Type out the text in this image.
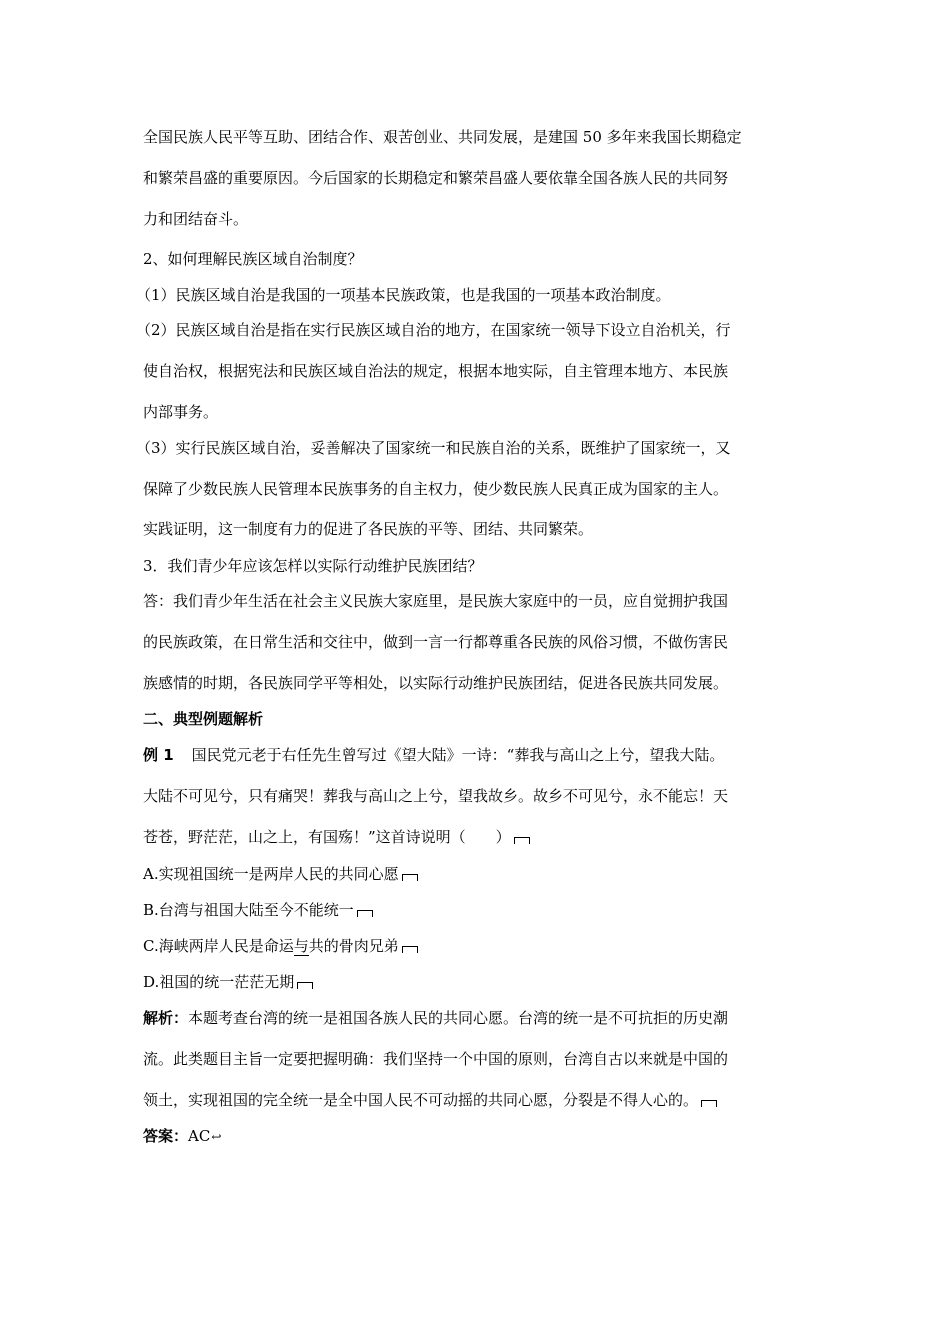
全国民族人民平等互助、团结合作、艰苦创业、共同发展，是建国 50 多年来我国长期稳定
和繁荣昌盛的重要原因。今后国家的长期稳定和繁荣昌盛人要依靠全国各族人民的共同努
力和团结奋斗。
2、如何理解民族区域自治制度？
（1）民族区域自治是我国的一项基本民族政策，也是我国的一项基本政治制度。
（2）民族区域自治是指在实行民族区域自治的地方，在国家统一领导下设立自治机关，行
使自治权，根据宪法和民族区域自治法的规定，根据本地实际，自主管理本地方、本民族
内部事务。
（3）实行民族区域自治，妥善解决了国家统一和民族自治的关系，既维护了国家统一，又
保障了少数民族人民管理本民族事务的自主权力，使少数民族人民真正成为国家的主人。
实践证明，这一制度有力的促进了各民族的平等、团结、共同繁荣。
3．我们青少年应该怎样以实际行动维护民族团结？
答：我们青少年生活在社会主义民族大家庭里，是民族大家庭中的一员，应自觉拥护我国
的民族政策，在日常生活和交往中，做到一言一行都尊重各民族的风俗习惯，不做伤害民
族感情的时期，各民族同学平等相处，以实际行动维护民族团结，促进各民族共同发展。
二、典型例题解析
例 1 国民党元老于右任先生曾写过《望大陆》一诗：“葬我与高山之上兮，望我大陆。
大陆不可见兮，只有痛哭！葬我与高山之上兮，望我故乡。故乡不可见兮，永不能忘！天
苍苍，野茫茫，山之上，有国殇！”这首诗说明（　　）
A.实现祖国统一是两岸人民的共同心愿
B.台湾与祖国大陆至今不能统一
C.海峡两岸人民是命运与共的骨肉兄弟
D.祖国的统一茫茫无期
解析：本题考查台湾的统一是祖国各族人民的共同心愿。台湾的统一是不可抗拒的历史潮
流。此类题目主旨一定要把握明确：我们坚持一个中国的原则，台湾自古以来就是中国的
领土，实现祖国的完全统一是全中国人民不可动摇的共同心愿，分裂是不得人心的。
答案：AC↩
